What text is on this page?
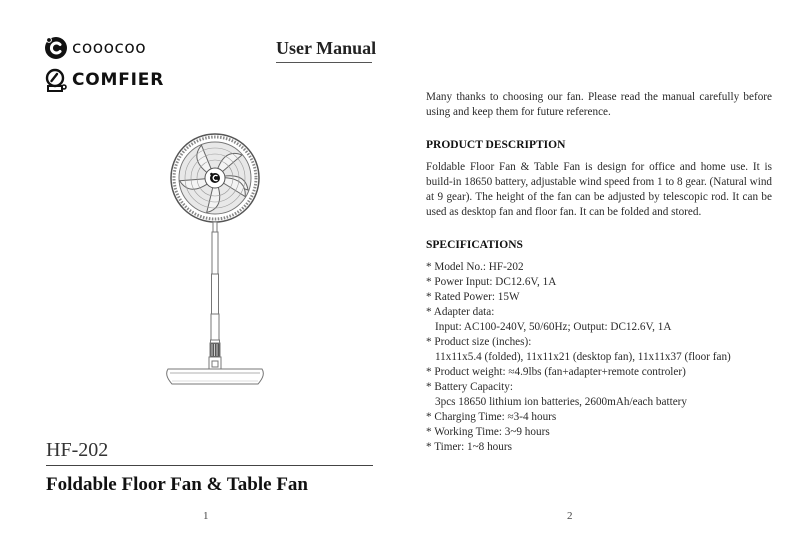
cooocoo
COMFIER
User Manual
HF-202
Foldable Floor Fan & Table Fan
1

Many thanks to choosing our fan. Please read the manual carefully before using and keep them for future reference.

PRODUCT DESCRIPTION

Foldable Floor Fan & Table Fan is design for office and home use. It is build-in 18650 battery, adjustable wind speed from 1 to 8 gear. (Natural wind at 9 gear). The height of the fan can be adjusted by telescopic rod. It can be used as desktop fan and floor fan. It can be folded and stored.

SPECIFICATIONS
* Model No.: HF-202
* Power Input: DC12.6V, 1A
* Rated Power: 15W
* Adapter data:
Input: AC100-240V, 50/60Hz; Output: DC12.6V, 1A
* Product size (inches):
11x11x5.4 (folded), 11x11x21 (desktop fan), 11x11x37 (floor fan)
* Product weight: ≈4.9lbs (fan+adapter+remote controler)
* Battery Capacity:
3pcs 18650 lithium ion batteries, 2600mAh/each battery
* Charging Time: ≈3-4 hours
* Working Time: 3~9 hours
* Timer: 1~8 hours
2
